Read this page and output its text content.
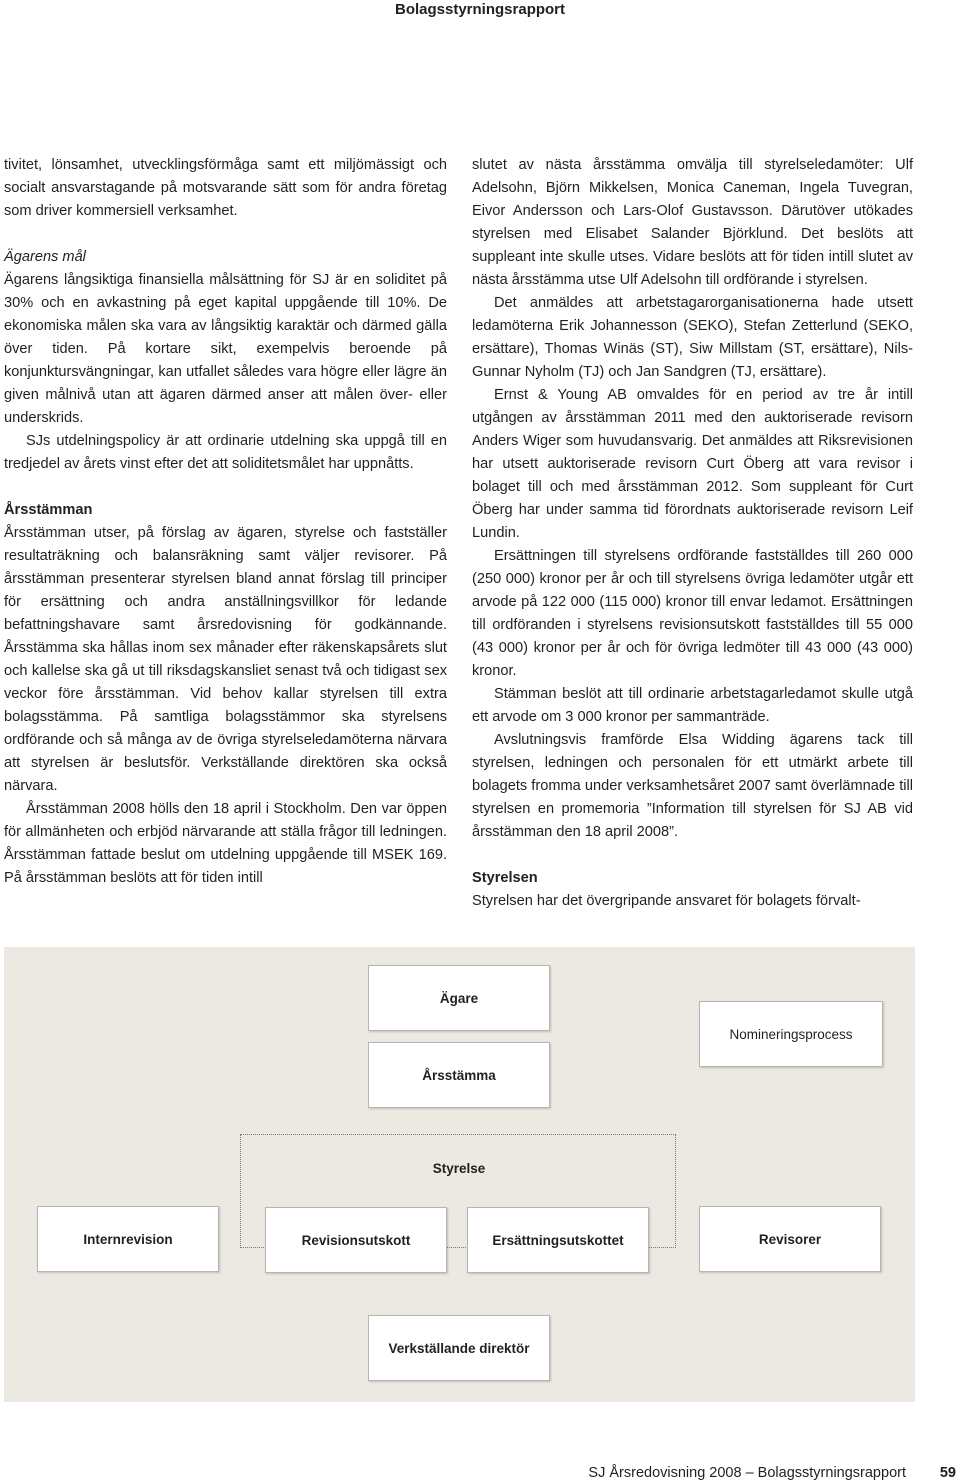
Bolagsstyrningsrapport

tivitet, lönsamhet, utvecklingsförmåga samt ett miljömässigt och socialt ansvarstagande på motsvarande sätt som för andra företag som driver kommersiell verksamhet.

Ägarens mål

Ägarens långsiktiga finansiella målsättning för SJ är en soliditet på 30% och en avkastning på eget kapital uppgående till 10%. De ekonomiska målen ska vara av långsiktig karaktär och därmed gälla över tiden. På kortare sikt, exempelvis beroende på konjunktursvängningar, kan utfallet således vara högre eller lägre än given målnivå utan att ägaren därmed anser att målen över- eller underskrids.

SJs utdelningspolicy är att ordinarie utdelning ska uppgå till en tredjedel av årets vinst efter det att soliditetsmålet har uppnåtts.

Årsstämman

Årsstämman utser, på förslag av ägaren, styrelse och fastställer resultaträkning och balansräkning samt väljer revisorer. På årsstämman presenterar styrelsen bland annat förslag till principer för ersättning och andra anställningsvillkor för ledande befattningshavare samt årsredovisning för godkännande. Årsstämma ska hållas inom sex månader efter räkenskapsårets slut och kallelse ska gå ut till riksdagskansliet senast två och tidigast sex veckor före årsstämman. Vid behov kallar styrelsen till extra bolagsstämma. På samtliga bolagsstämmor ska styrelsens ordförande och så många av de övriga styrelseledamöterna närvara att styrelsen är beslutsför. Verkställande direktören ska också närvara.

Årsstämman 2008 hölls den 18 april i Stockholm. Den var öppen för allmänheten och erbjöd närvarande att ställa frågor till ledningen. Årsstämman fattade beslut om utdelning uppgående till MSEK 169. På årsstämman beslöts att för tiden intill

slutet av nästa årsstämma omvälja till styrelseledamöter: Ulf Adelsohn, Björn Mikkelsen, Monica Caneman, Ingela Tuvegran, Eivor Andersson och Lars-Olof Gustavsson. Därutöver utökades styrelsen med Elisabet Salander Björklund. Det beslöts att suppleant inte skulle utses. Vidare beslöts att för tiden intill slutet av nästa årsstämma utse Ulf Adelsohn till ordförande i styrelsen.

Det anmäldes att arbetstagarorganisationerna hade utsett ledamöterna Erik Johannesson (SEKO), Stefan Zetterlund (SEKO, ersättare), Thomas Winäs (ST), Siw Millstam (ST, ersättare), Nils-Gunnar Nyholm (TJ) och Jan Sandgren (TJ, ersättare).

Ernst & Young AB omvaldes för en period av tre år intill utgången av årsstämman 2011 med den auktoriserade revisorn Anders Wiger som huvudansvarig. Det anmäldes att Riksrevisionen har utsett auktoriserade revisorn Curt Öberg att vara revisor i bolaget till och med årsstämman 2012. Som suppleant för Curt Öberg har under samma tid förordnats auktoriserade revisorn Leif Lundin.

Ersättningen till styrelsens ordförande fastställdes till 260 000 (250 000) kronor per år och till styrelsens övriga ledamöter utgår ett arvode på 122 000 (115 000) kronor till envar ledamot. Ersättningen till ordföranden i styrelsens revisionsutskott fastställdes till 55 000 (43 000) kronor per år och för övriga ledmöter till 43 000 (43 000) kronor.

Stämman beslöt att till ordinarie arbetstagarledamot skulle utgå ett arvode om 3 000 kronor per sammanträde.

Avslutningsvis framförde Elsa Widding ägarens tack till styrelsen, ledningen och personalen för ett utmärkt arbete till bolagets fromma under verksamhetsåret 2007 samt överlämnade till styrelsen en promemoria ”Information till styrelsen för SJ AB vid årsstämman den 18 april 2008”.

Styrelsen

Styrelsen har det övergripande ansvaret för bolagets förvalt-

Ägare
Nomineringsprocess
Årsstämma
Styrelse
Internrevision	Revisionsutskott	Ersättningsutskottet	Revisorer
Verkställande direktör
SJ Årsredovisning 2008 – Bolagsstyrningsrapport 59
